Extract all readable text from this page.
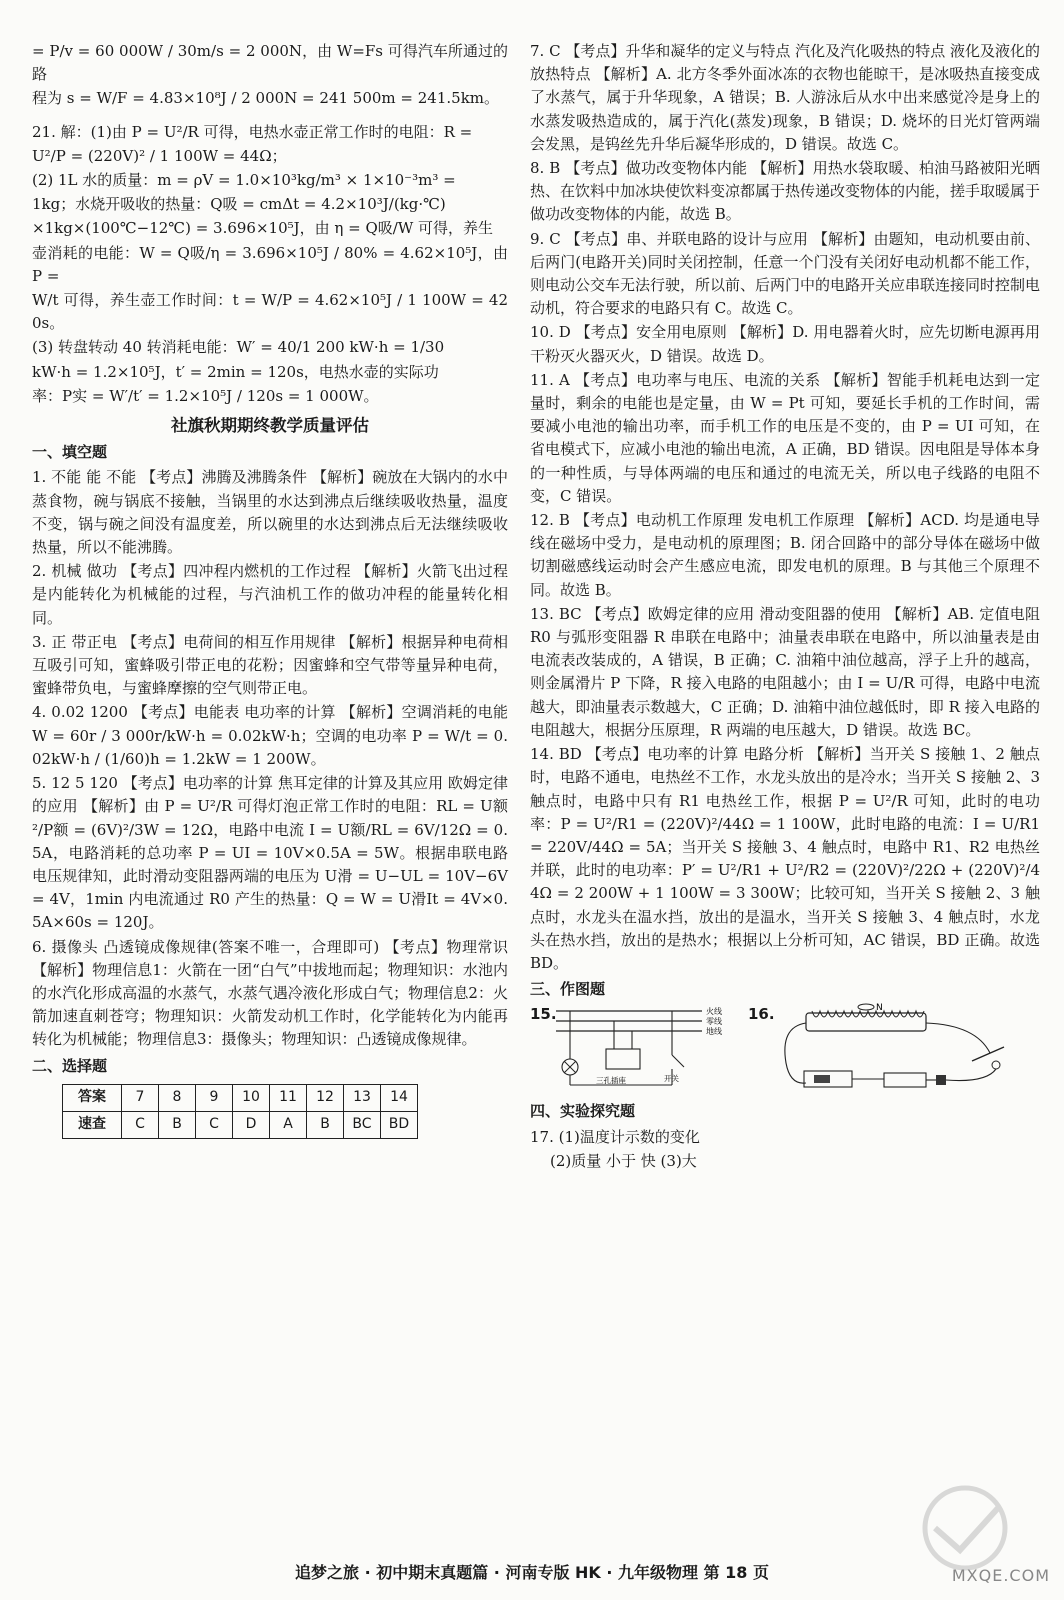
= P/v = 60 000W / 30m/s = 2 000N，由 W=Fs 可得汽车所通过的路

程为 s = W/F = 4.83×10⁸J / 2 000N = 241 500m = 241.5km。

21. 解：(1)由 P = U²/R 可得，电热水壶正常工作时的电阻：R =

U²/P = (220V)² / 1 100W = 44Ω；

(2) 1L 水的质量：m = ρV = 1.0×10³kg/m³ × 1×10⁻³m³ =

1kg；水烧开吸收的热量：Q吸 = cmΔt = 4.2×10³J/(kg·℃)

×1kg×(100℃−12℃) = 3.696×10⁵J，由 η = Q吸/W 可得，养生

壶消耗的电能：W = Q吸/η = 3.696×10⁵J / 80% = 4.62×10⁵J，由 P =

W/t 可得，养生壶工作时间：t = W/P = 4.62×10⁵J / 1 100W = 420s。

(3) 转盘转动 40 转消耗电能：W′ = 40/1 200 kW·h = 1/30

kW·h = 1.2×10⁵J，t′ = 2min = 120s，电热水壶的实际功

率：P实 = W′/t′ = 1.2×10⁵J / 120s = 1 000W。

社旗秋期期终教学质量评估
一、填空题

1. 不能 能 不能 【考点】沸腾及沸腾条件 【解析】碗放在大锅内的水中蒸食物，碗与锅底不接触，当锅里的水达到沸点后继续吸收热量，温度不变，锅与碗之间没有温度差，所以碗里的水达到沸点后无法继续吸收热量，所以不能沸腾。

2. 机械 做功 【考点】四冲程内燃机的工作过程 【解析】火箭飞出过程是内能转化为机械能的过程，与汽油机工作的做功冲程的能量转化相同。

3. 正 带正电 【考点】电荷间的相互作用规律 【解析】根据异种电荷相互吸引可知，蜜蜂吸引带正电的花粉；因蜜蜂和空气带等量异种电荷，蜜蜂带负电，与蜜蜂摩擦的空气则带正电。

4. 0.02 1200 【考点】电能表 电功率的计算 【解析】空调消耗的电能 W = 60r / 3 000r/kW·h = 0.02kW·h；空调的电功率 P = W/t = 0.02kW·h / (1/60)h = 1.2kW = 1 200W。

5. 12 5 120 【考点】电功率的计算 焦耳定律的计算及其应用 欧姆定律的应用 【解析】由 P = U²/R 可得灯泡正常工作时的电阻：RL = U额²/P额 = (6V)²/3W = 12Ω，电路中电流 I = U额/RL = 6V/12Ω = 0.5A，电路消耗的总功率 P = UI = 10V×0.5A = 5W。根据串联电路电压规律知，此时滑动变阻器两端的电压为 U滑 = U−UL = 10V−6V = 4V，1min 内电流通过 R0 产生的热量：Q = W = U滑It = 4V×0.5A×60s = 120J。

6. 摄像头 凸透镜成像规律(答案不唯一，合理即可) 【考点】物理常识 【解析】物理信息1：火箭在一团“白气”中拔地而起；物理知识：水池内的水汽化形成高温的水蒸气，水蒸气遇冷液化形成白气；物理信息2：火箭加速直刺苍穹；物理知识：火箭发动机工作时，化学能转化为内能再转化为机械能；物理信息3：摄像头；物理知识：凸透镜成像规律。

二、选择题
答案	7	8	9	10	11	12	13	14
速查	C	B	C	D	A	B	BC	BD

7. C 【考点】升华和凝华的定义与特点 汽化及汽化吸热的特点 液化及液化的放热特点 【解析】A. 北方冬季外面冰冻的衣物也能晾干，是冰吸热直接变成了水蒸气，属于升华现象，A 错误；B. 人游泳后从水中出来感觉冷是身上的水蒸发吸热造成的，属于汽化(蒸发)现象，B 错误；D. 烧坏的日光灯管两端会发黑，是钨丝先升华后凝华形成的，D 错误。故选 C。

8. B 【考点】做功改变物体内能 【解析】用热水袋取暖、柏油马路被阳光晒热、在饮料中加冰块使饮料变凉都属于热传递改变物体的内能，搓手取暖属于做功改变物体的内能，故选 B。

9. C 【考点】串、并联电路的设计与应用 【解析】由题知，电动机要由前、后两门(电路开关)同时关闭控制，任意一个门没有关闭好电动机都不能工作，则电动公交车无法行驶，所以前、后两门中的电路开关应串联连接同时控制电动机，符合要求的电路只有 C。故选 C。

10. D 【考点】安全用电原则 【解析】D. 用电器着火时，应先切断电源再用干粉灭火器灭火，D 错误。故选 D。

11. A 【考点】电功率与电压、电流的关系 【解析】智能手机耗电达到一定量时，剩余的电能也是定量，由 W = Pt 可知，要延长手机的工作时间，需要减小电池的输出功率，而手机工作的电压是不变的，由 P = UI 可知，在省电模式下，应减小电池的输出电流，A 正确，BD 错误。因电阻是导体本身的一种性质，与导体两端的电压和通过的电流无关，所以电子线路的电阻不变，C 错误。

12. B 【考点】电动机工作原理 发电机工作原理 【解析】ACD. 均是通电导线在磁场中受力，是电动机的原理图；B. 闭合回路中的部分导体在磁场中做切割磁感线运动时会产生感应电流，即发电机的原理。B 与其他三个原理不同。故选 B。

13. BC 【考点】欧姆定律的应用 滑动变阻器的使用 【解析】AB. 定值电阻 R0 与弧形变阻器 R 串联在电路中；油量表串联在电路中，所以油量表是由电流表改装成的，A 错误，B 正确；C. 油箱中油位越高，浮子上升的越高，则金属滑片 P 下降，R 接入电路的电阻越小；由 I = U/R 可得，电路中电流越大，即油量表示数越大，C 正确；D. 油箱中油位越低时，即 R 接入电路的电阻越大，根据分压原理，R 两端的电压越大，D 错误。故选 BC。

14. BD 【考点】电功率的计算 电路分析 【解析】当开关 S 接触 1、2 触点时，电路不通电，电热丝不工作，水龙头放出的是冷水；当开关 S 接触 2、3 触点时，电路中只有 R1 电热丝工作，根据 P = U²/R 可知，此时的电功率：P = U²/R1 = (220V)²/44Ω = 1 100W，此时电路的电流：I = U/R1 = 220V/44Ω = 5A；当开关 S 接触 3、4 触点时，电路中 R1、R2 电热丝并联，此时的电功率：P′ = U²/R1 + U²/R2 = (220V)²/22Ω + (220V)²/44Ω = 2 200W + 1 100W = 3 300W；比较可知，当开关 S 接触 2、3 触点时，水龙头在温水挡，放出的是温水，当开关 S 接触 3、4 触点时，水龙头在热水挡，放出的是热水；根据以上分析可知，AC 错误，BD 正确。故选 BD。

三、作图题
15.	火线
零线
地线
三孔插座	开关
16.	N
四、实验探究题

17. (1)温度计示数的变化

(2)质量 小于 快 (3)大

追梦之旅 · 初中期末真题篇 · 河南专版 HK · 九年级物理 第 18 页	MXQE.COM
